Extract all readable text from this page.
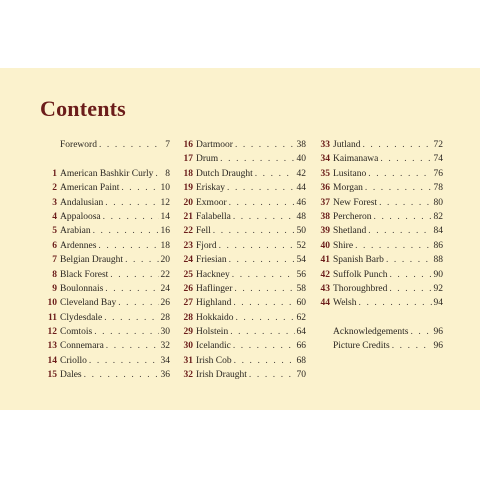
Contents
Foreword . . .	7
1 American Bashkir Curly . . . 8
2 American Paint . . .	10
3 Andalusian . . .	12
4 Appaloosa . . .	14
5 Arabian . . .	16
6 Ardennes . . .	18
7 Belgian Draught . . .	20
8 Black Forest . . .	22
9 Boulonnais . . .	24
10 Cleveland Bay . . .	26
11 Clydesdale . . .	28
12 Comtois . . .	30
13 Connemara . . .	32
14 Criollo . . .	34
15 Dales . . .	36
16 Dartmoor . . .	38
17 Drum . . .	40
18 Dutch Draught . . .	42
19 Eriskay . . .	44
20 Exmoor . . .	46
21 Falabella . . .	48
22 Fell . . .	50
23 Fjord . . .	52
24 Friesian . . .	54
25 Hackney . . .	56
26 Haflinger . . .	58
27 Highland . . .	60
28 Hokkaido . . .	62
29 Holstein . . .	64
30 Icelandic . . .	66
31 Irish Cob . . .	68
32 Irish Draught . . .	70
33 Jutland . . .	72
34 Kaimanawa . . .	74
35 Lusitano . . .	76
36 Morgan . . .	78
37 New Forest . . .	80
38 Percheron . . .	82
39 Shetland . . .	84
40 Shire . . .	86
41 Spanish Barb . . .	88
42 Suffolk Punch . . .	90
43 Thoroughbred . . .	92
44 Welsh . . .	94
Acknowledgements . . .	96
Picture Credits . . .	96
